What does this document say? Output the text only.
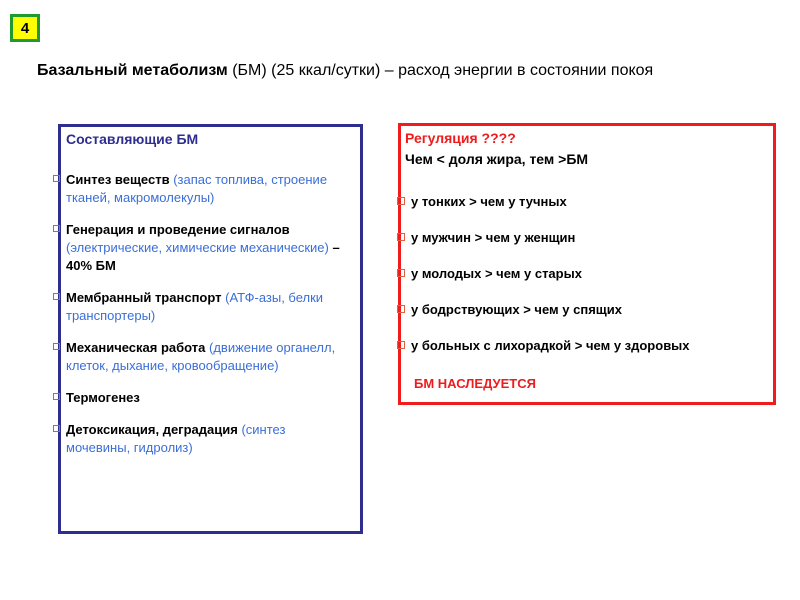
4
Базальный метаболизм (БМ) (25 ккал/сутки) – расход энергии в состоянии покоя
Составляющие БМ
Синтез веществ (запас топлива, строение тканей, макромолекулы)
Генерация и проведение сигналов (электрические, химические механические) – 40% БМ
Мембранный транспорт (АТФ-азы, белки транспортеры)
Механическая работа (движение органелл, клеток, дыхание, кровообращение)
Термогенез
Детоксикация, деградация (синтез мочевины, гидролиз)
Регуляция ????
Чем < доля жира, тем >БМ
у тонких > чем у тучных
у мужчин > чем у женщин
у молодых > чем у старых
у бодрствующих > чем у спящих
у больных с лихорадкой > чем у здоровых
БМ НАСЛЕДУЕТСЯ
